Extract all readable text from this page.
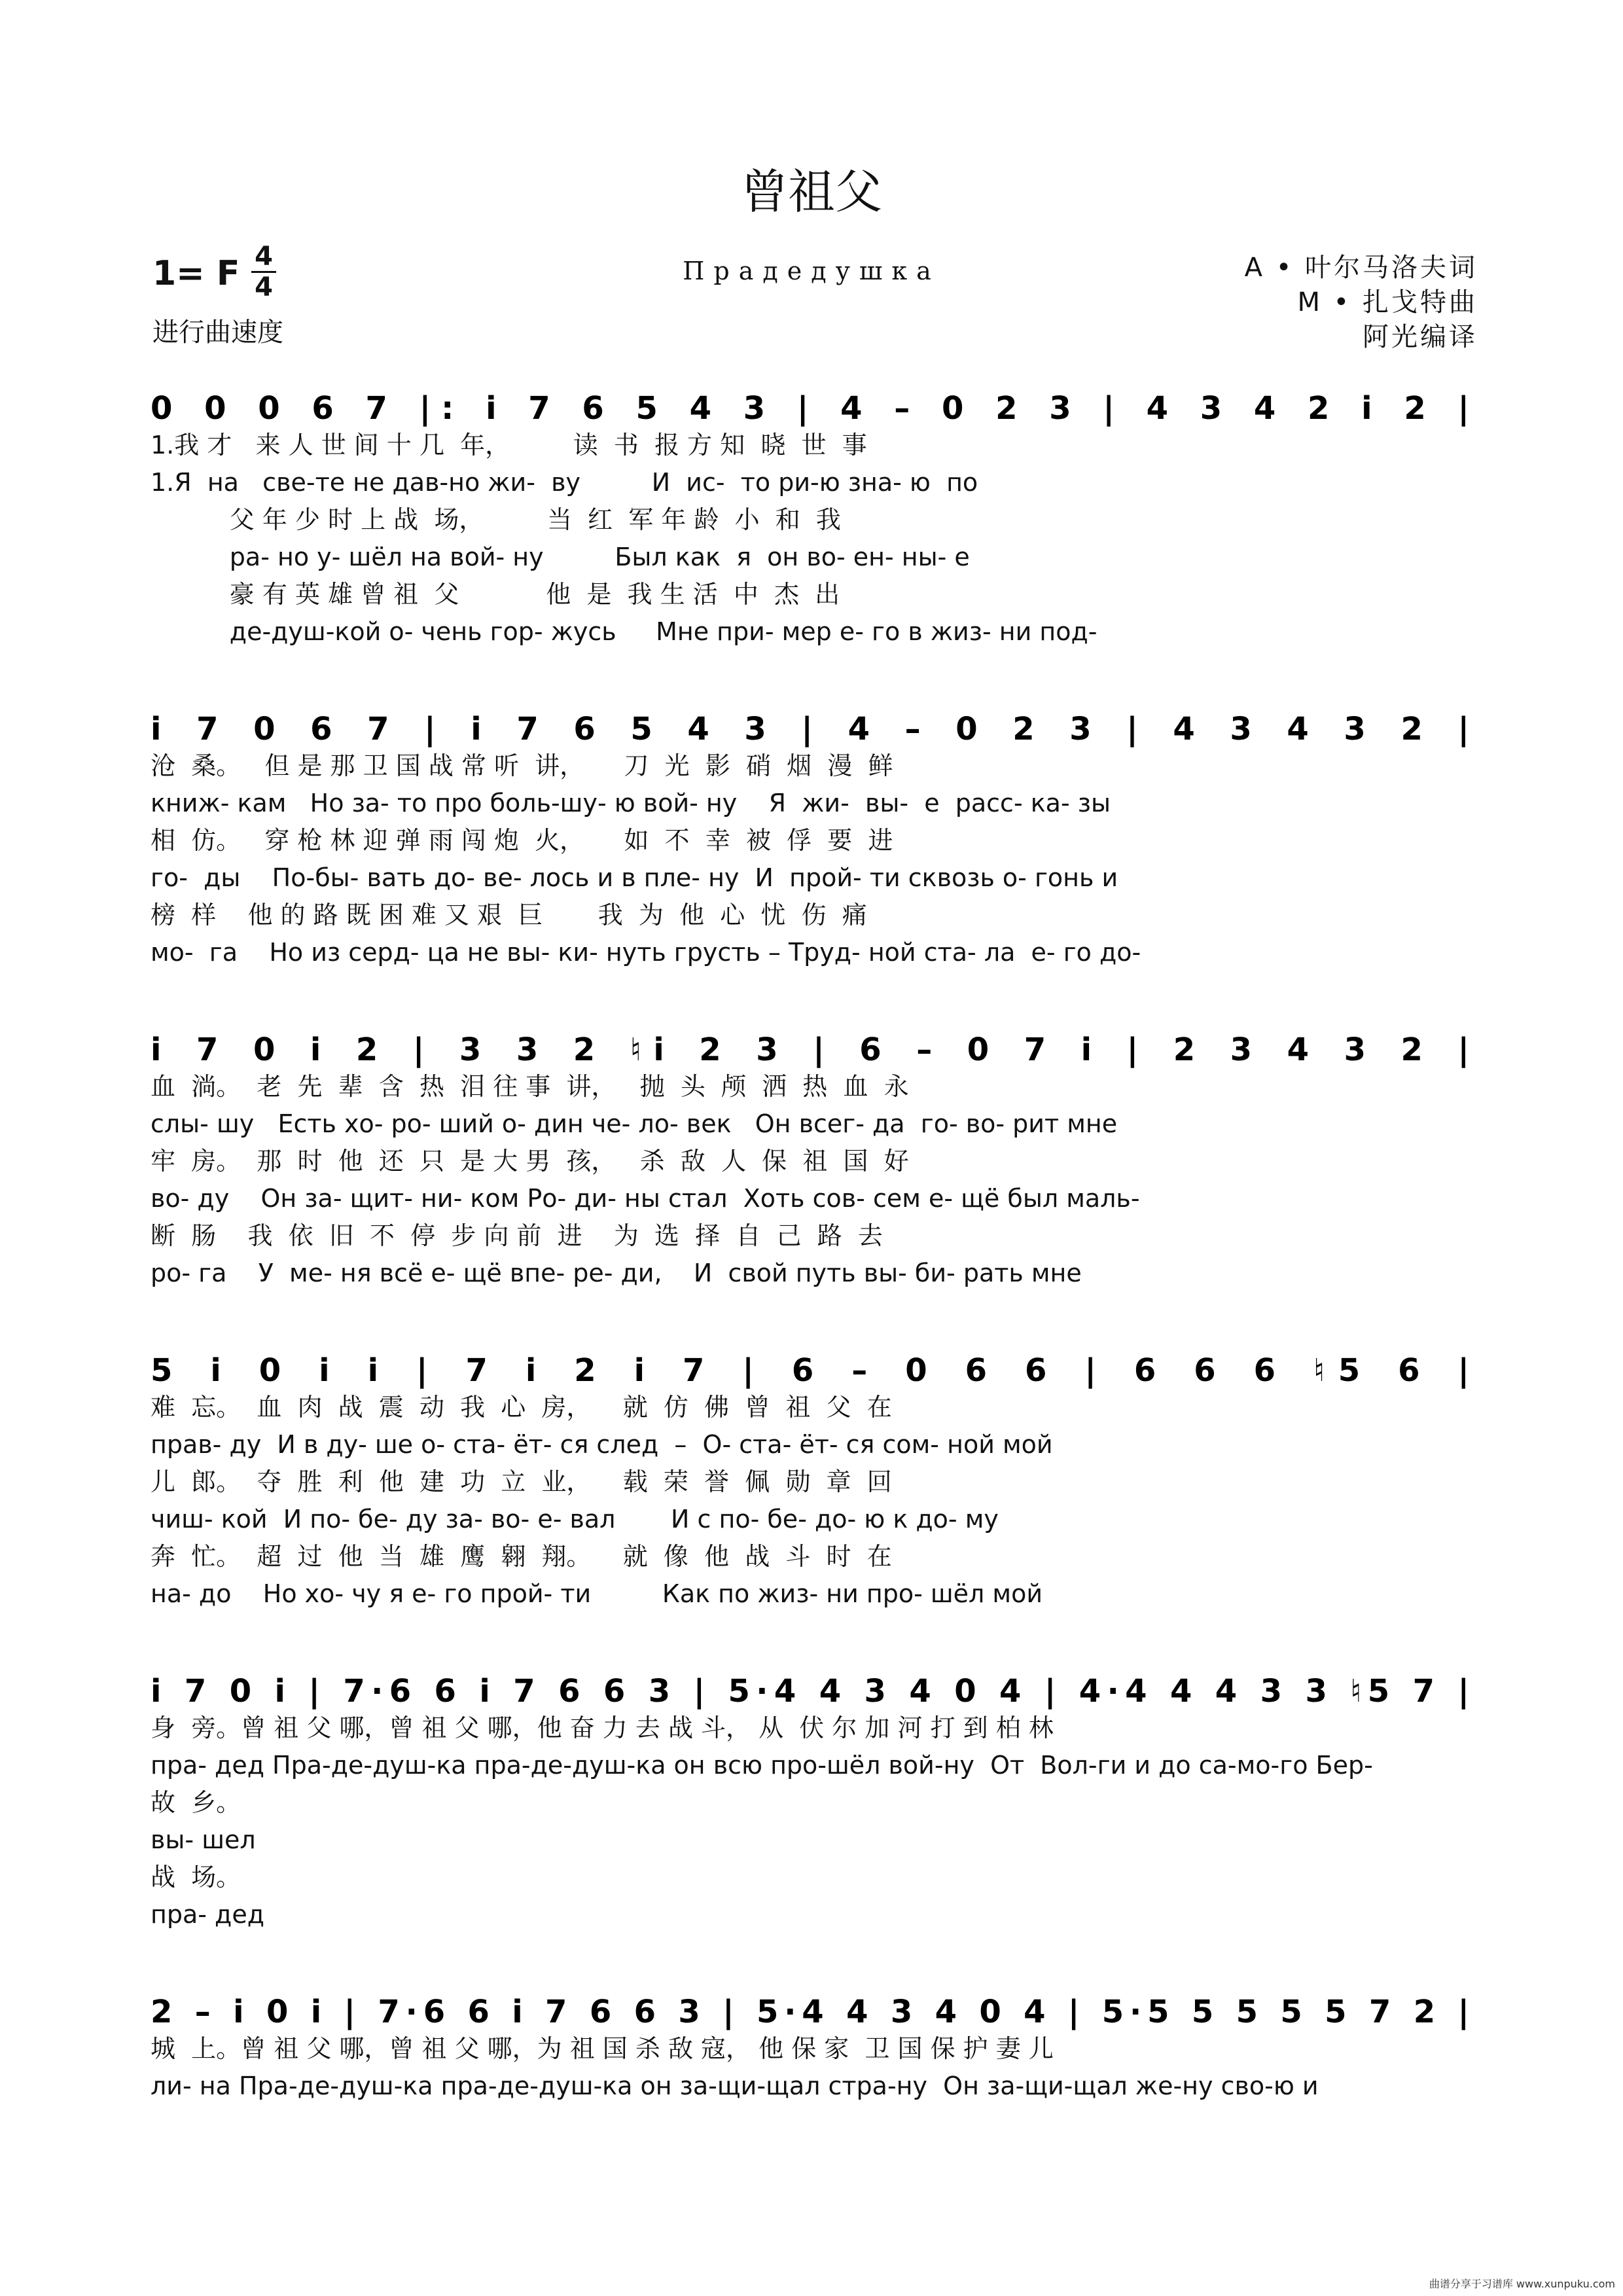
曾祖父
1= F 4
4
进行曲速度
Прадедушка	A • 叶尔马洛夫词
M • 扎戈特曲
阿光编译
0 0 0 6 7 |: i 7 6 5 4 3 | 4 – 0 2 3 | 4 3 4 2 i 2 |
1.我 才   来 人 世 间 十 几  年，        读  书  报 方 知  晓  世  事
1.Я  на   све-те не дав-но жи-  ву         И  ис-  то ри-ю зна- ю  по
父 年 少 时 上 战  场，        当  红  军 年 龄  小  和  我
ра- но у- шёл на вой- ну         Был как  я  он во- ен- ны- е
豪 有 英 雄 曾 祖  父           他  是  我 生 活  中  杰  出
де-душ-кой о- чень гор- жусь     Мне при- мер е- го в жиз- ни под-
i 7 0 6 7 | i 7 6 5 4 3 | 4 – 0 2 3 | 4 3 4 3 2 |
沧  桑。   但 是 那 卫 国 战 常 听  讲，     刀  光  影  硝  烟  漫  鲜
книж- кам   Но за- то про боль-шу- ю вой- ну    Я  жи-  вы-  е  расс- ка- зы
相  仿。   穿 枪 林 迎 弹 雨 闯 炮  火，     如  不  幸  被  俘  要  进
го-  ды    По-бы- вать до- ве- лось и в пле- ну  И  прой- ти сквозь о- гонь и
榜  样    他 的 路 既 困 难 又 艰  巨       我  为  他  心  忧  伤  痛
мо-  га    Но из серд- ца не вы- ки- нуть грусть – Труд- ной ста- ла  е- го до-
i 7 0 i 2 | 3 3 2 ♮i 2 3 | 6 – 0 7 i | 2 3 4 3 2 |
血  淌。  老  先  辈  含  热  泪 往 事  讲，   抛  头  颅  洒  热  血  永
слы- шу   Есть хо- ро- ший о- дин че- ло- век   Он всег- да  го- во- рит мне
牢  房。  那  时  他  还  只  是 大 男  孩，   杀  敌  人  保  祖  国  好
во- ду    Он за- щит- ни- ком Ро- ди- ны стал  Хоть сов- сем е- щё был маль-
断  肠    我  依  旧  不  停  步 向 前  进    为  选  择  自  己  路  去
ро- га    У  ме- ня всё е- щё впе- ре- ди,    И  свой путь вы- би- рать мне
5 i 0 i i | 7 i 2 i 7 | 6 – 0 6 6 | 6 6 6 ♮5 6 |
难  忘。  血  肉  战  震  动  我  心  房，    就  仿  佛  曾  祖  父  在
прав- ду  И в ду- ше о- ста- ёт- ся след  –  О- ста- ёт- ся сом- ной мой
儿  郎。  夺  胜  利  他  建  功  立  业，    载  荣  誉  佩  勋  章  回
чиш- кой  И по- бе- ду за- во- е- вал       И с по- бе- до- ю к до- му
奔  忙。  超  过  他  当  雄  鹰  翱  翔。    就  像  他  战  斗  时  在
на- до    Но хо- чу я е- го прой- ти         Как по жиз- ни про- шёл мой
i 7 0 i | 7·6 6 i 7 6 6 3 | 5·4 4 3 4 0 4 | 4·4 4 4 3 3 ♮5 7 |
身  旁。曾 祖 父 哪，曾 祖 父 哪，他 奋 力 去 战 斗， 从  伏 尔 加 河 打 到 柏 林
пра- дед Пра-де-душ-ка пра-де-душ-ка он всю про-шёл вой-ну  От  Вол-ги и до са-мо-го Бер-
故  乡。
вы- шел
战  场。
пра- дед
2 – i 0 i | 7·6 6 i 7 6 6 3 | 5·4 4 3 4 0 4 | 5·5 5 5 5 5 7 2 |
城  上。曾 祖 父 哪，曾 祖 父 哪，为 祖 国 杀 敌 寇， 他 保 家  卫 国 保 护 妻 儿
ли- на Пра-де-душ-ка пра-де-душ-ка он за-щи-щал стра-ну  Он за-щи-щал же-ну сво-ю и
曲谱分享于习谱库 www.xunpuku.com
